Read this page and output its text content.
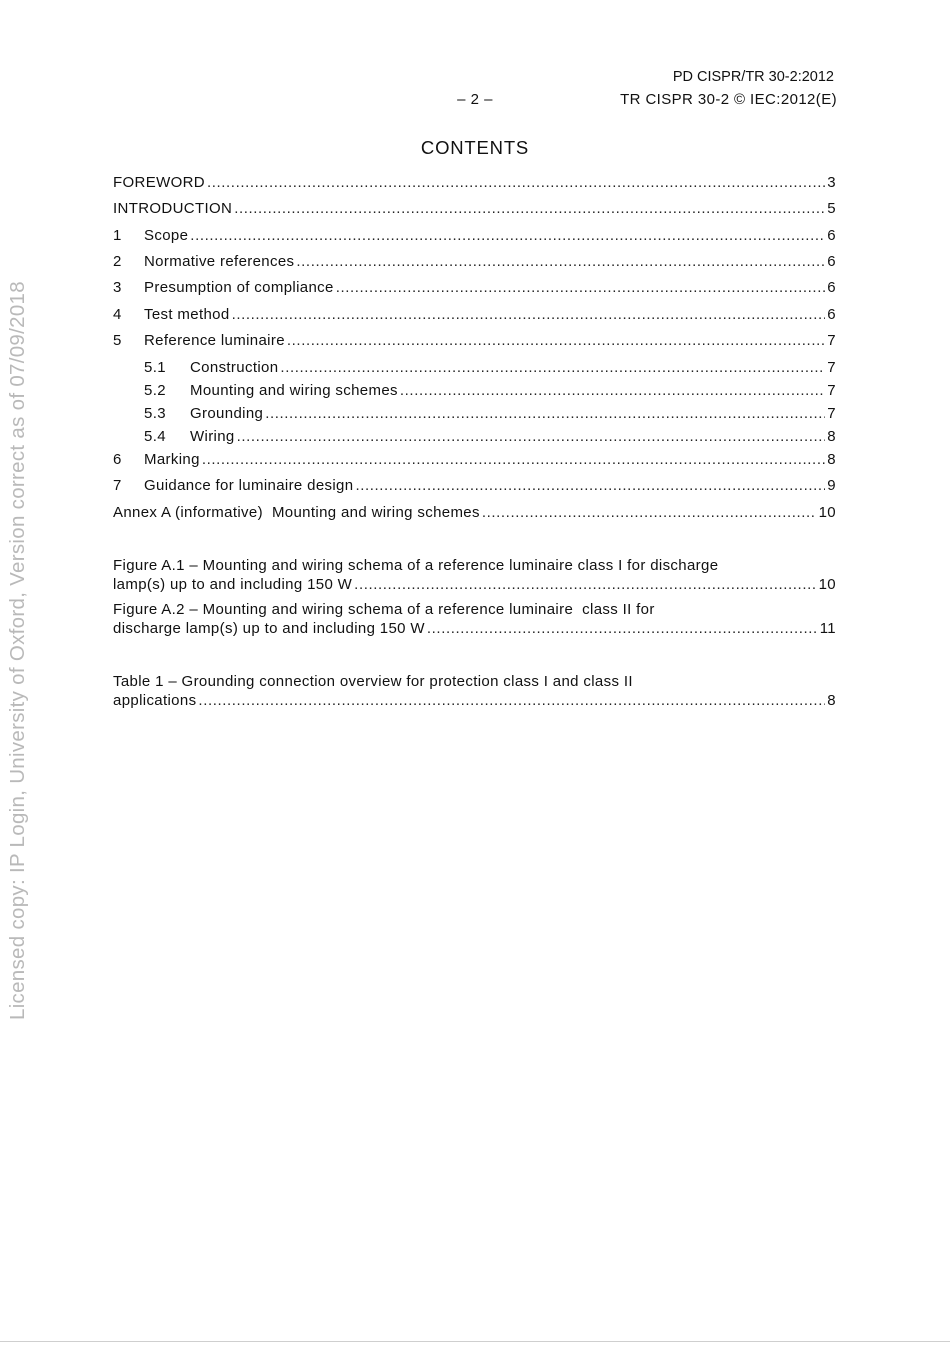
PD CISPR/TR 30-2:2012
– 2 –	TR CISPR 30-2 © IEC:2012(E)
CONTENTS
FOREWORD .....	3
INTRODUCTION .....	5
1	Scope .....	6
2	Normative references .....	6
3	Presumption of compliance .....	6
4	Test method .....	6
5	Reference luminaire .....	7
5.1	Construction .....	7
5.2	Mounting and wiring schemes .....	7
5.3	Grounding .....	7
5.4	Wiring .....	8
6	Marking .....	8
7	Guidance for luminaire design .....	9
Annex A (informative)  Mounting and wiring schemes .....	10
Figure A.1 – Mounting and wiring schema of a reference luminaire class I for discharge
lamp(s) up to and including 150 W .....	10
Figure A.2 – Mounting and wiring schema of a reference luminaire  class II for
discharge lamp(s) up to and including 150 W .....	11
Table 1 – Grounding connection overview for protection class I and class II
applications .....	8
Licensed copy: IP Login, University of Oxford, Version correct as of 07/09/2018
